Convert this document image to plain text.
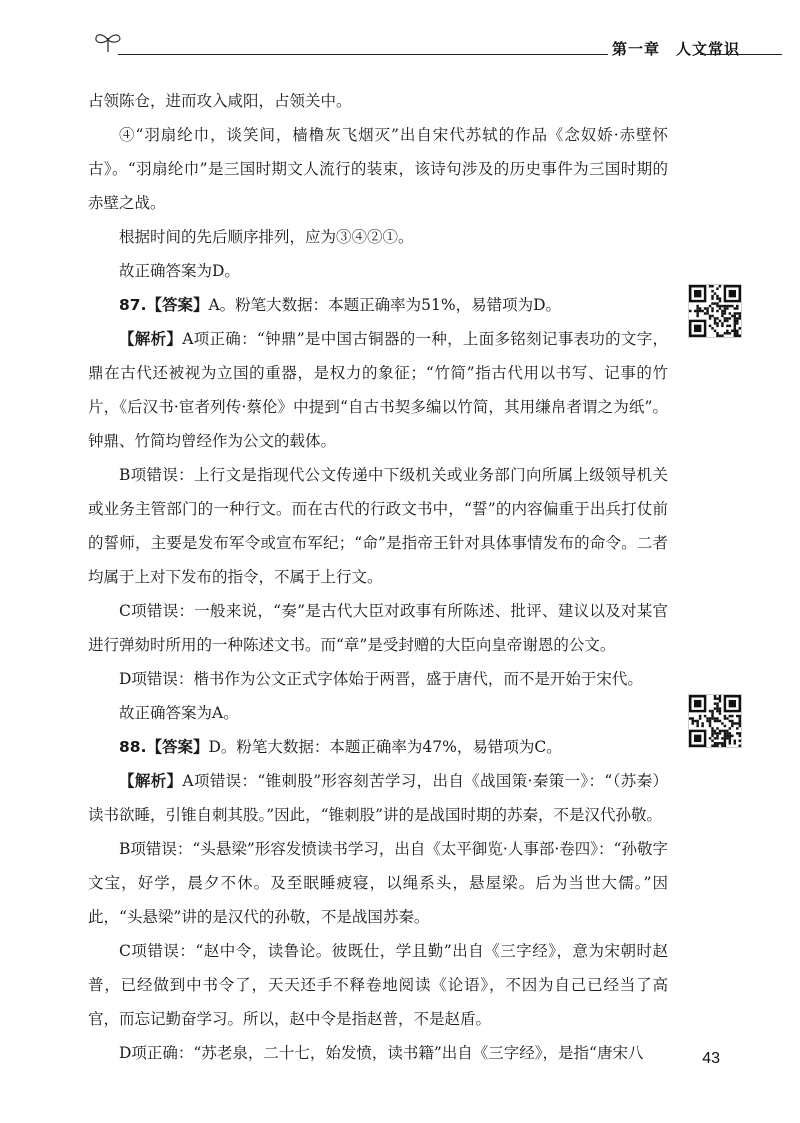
第一章　人文常识

占领陈仓，进而攻入咸阳，占领关中。

④“羽扇纶巾，谈笑间，樯橹灰飞烟灭”出自宋代苏轼的作品《念奴娇·赤壁怀古》。“羽扇纶巾”是三国时期文人流行的装束，该诗句涉及的历史事件为三国时期的赤壁之战。

根据时间的先后顺序排列，应为③④②①。

故正确答案为D。

87.【答案】A。粉笔大数据：本题正确率为51%，易错项为D。

【解析】A项正确：“钟鼎”是中国古铜器的一种，上面多铭刻记事表功的文字，鼎在古代还被视为立国的重器，是权力的象征；“竹简”指古代用以书写、记事的竹片，《后汉书·宦者列传·蔡伦》中提到“自古书契多编以竹简，其用缣帛者谓之为纸”。钟鼎、竹简均曾经作为公文的载体。

B项错误：上行文是指现代公文传递中下级机关或业务部门向所属上级领导机关或业务主管部门的一种行文。而在古代的行政文书中，“誓”的内容偏重于出兵打仗前的誓师，主要是发布军令或宣布军纪；“命”是指帝王针对具体事情发布的命令。二者均属于上对下发布的指令，不属于上行文。

C项错误：一般来说，“奏”是古代大臣对政事有所陈述、批评、建议以及对某官进行弹劾时所用的一种陈述文书。而“章”是受封赠的大臣向皇帝谢恩的公文。

D项错误：楷书作为公文正式字体始于两晋，盛于唐代，而不是开始于宋代。

故正确答案为A。

88.【答案】D。粉笔大数据：本题正确率为47%，易错项为C。

【解析】A项错误：“锥刺股”形容刻苦学习，出自《战国策·秦策一》：“（苏秦）读书欲睡，引锥自刺其股。”因此，“锥刺股”讲的是战国时期的苏秦，不是汉代孙敬。

B项错误：“头悬梁”形容发愤读书学习，出自《太平御览·人事部·卷四》：“孙敬字文宝，好学，晨夕不休。及至眠睡疲寝，以绳系头，悬屋梁。后为当世大儒。”因此，“头悬梁”讲的是汉代的孙敬，不是战国苏秦。

C项错误：“赵中令，读鲁论。彼既仕，学且勤”出自《三字经》，意为宋朝时赵普，已经做到中书令了，天天还手不释卷地阅读《论语》，不因为自己已经当了高官，而忘记勤奋学习。所以，赵中令是指赵普，不是赵盾。

D项正确：“苏老泉，二十七，始发愤，读书籍”出自《三字经》，是指“唐宋八	43
